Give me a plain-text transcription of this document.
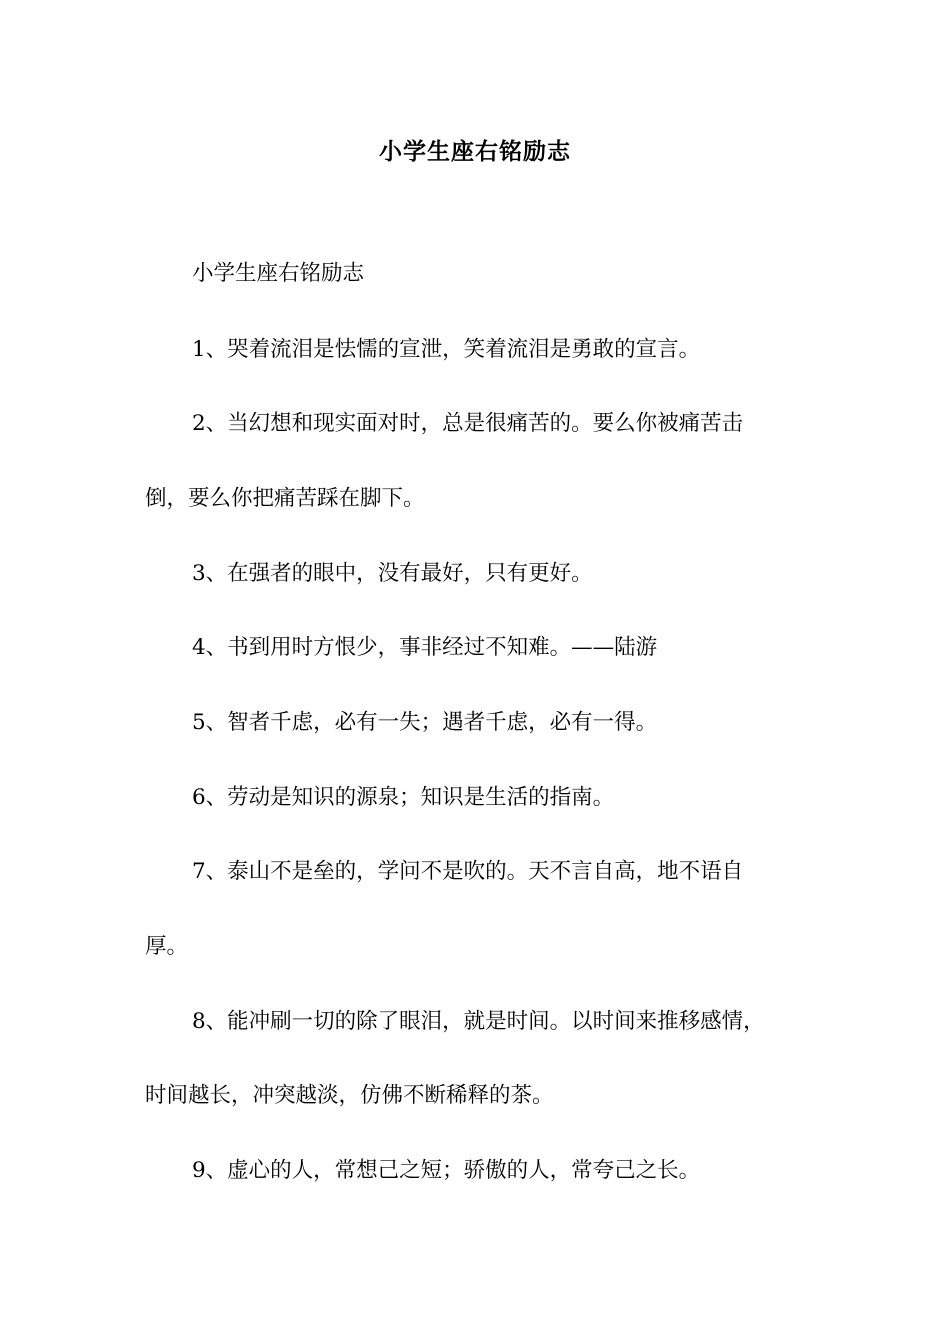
小学生座右铭励志
小学生座右铭励志
1、哭着流泪是怯懦的宣泄，笑着流泪是勇敢的宣言。
2、当幻想和现实面对时，总是很痛苦的。要么你被痛苦击
倒，要么你把痛苦踩在脚下。
3、在强者的眼中，没有最好，只有更好。
4、书到用时方恨少，事非经过不知难。——陆游
5、智者千虑，必有一失；遇者千虑，必有一得。
6、劳动是知识的源泉；知识是生活的指南。
7、泰山不是垒的，学问不是吹的。天不言自高，地不语自
厚。
8、能冲刷一切的除了眼泪，就是时间。以时间来推移感情，
时间越长，冲突越淡，仿佛不断稀释的茶。
9、虚心的人，常想己之短；骄傲的人，常夸己之长。
